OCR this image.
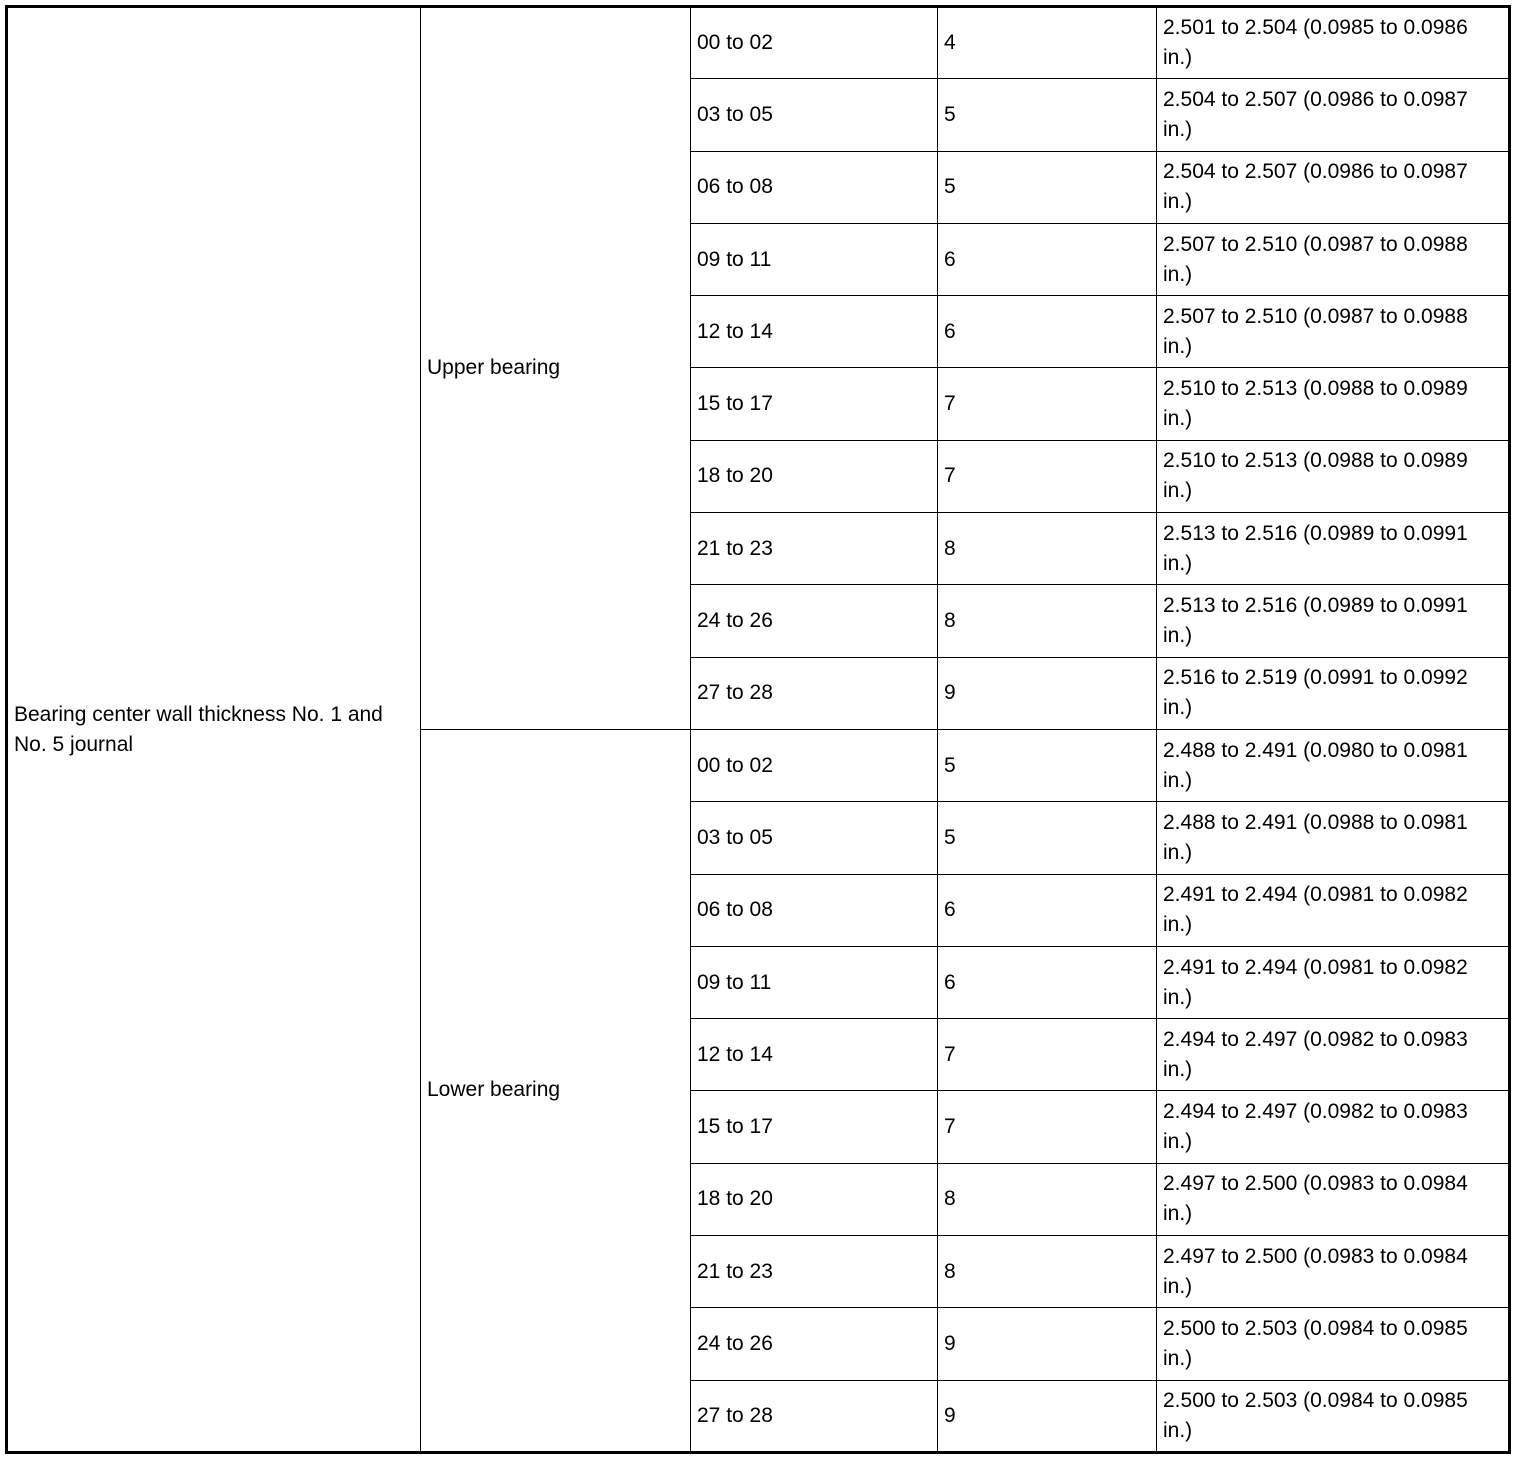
Bearing center wall thickness No. 1 and No. 5 journal	Upper bearing	00 to 02	4	2.501 to 2.504 (0.0985 to 0.0986 in.)
		03 to 05	5	2.504 to 2.507 (0.0986 to 0.0987 in.)
		06 to 08	5	2.504 to 2.507 (0.0986 to 0.0987 in.)
		09 to 11	6	2.507 to 2.510 (0.0987 to 0.0988 in.)
		12 to 14	6	2.507 to 2.510 (0.0987 to 0.0988 in.)
		15 to 17	7	2.510 to 2.513 (0.0988 to 0.0989 in.)
		18 to 20	7	2.510 to 2.513 (0.0988 to 0.0989 in.)
		21 to 23	8	2.513 to 2.516 (0.0989 to 0.0991 in.)
		24 to 26	8	2.513 to 2.516 (0.0989 to 0.0991 in.)
		27 to 28	9	2.516 to 2.519 (0.0991 to 0.0992 in.)
	Lower bearing	00 to 02	5	2.488 to 2.491 (0.0980 to 0.0981 in.)
		03 to 05	5	2.488 to 2.491 (0.0988 to 0.0981 in.)
		06 to 08	6	2.491 to 2.494 (0.0981 to 0.0982 in.)
		09 to 11	6	2.491 to 2.494 (0.0981 to 0.0982 in.)
		12 to 14	7	2.494 to 2.497 (0.0982 to 0.0983 in.)
		15 to 17	7	2.494 to 2.497 (0.0982 to 0.0983 in.)
		18 to 20	8	2.497 to 2.500 (0.0983 to 0.0984 in.)
		21 to 23	8	2.497 to 2.500 (0.0983 to 0.0984 in.)
		24 to 26	9	2.500 to 2.503 (0.0984 to 0.0985 in.)
		27 to 28	9	2.500 to 2.503 (0.0984 to 0.0985 in.)
